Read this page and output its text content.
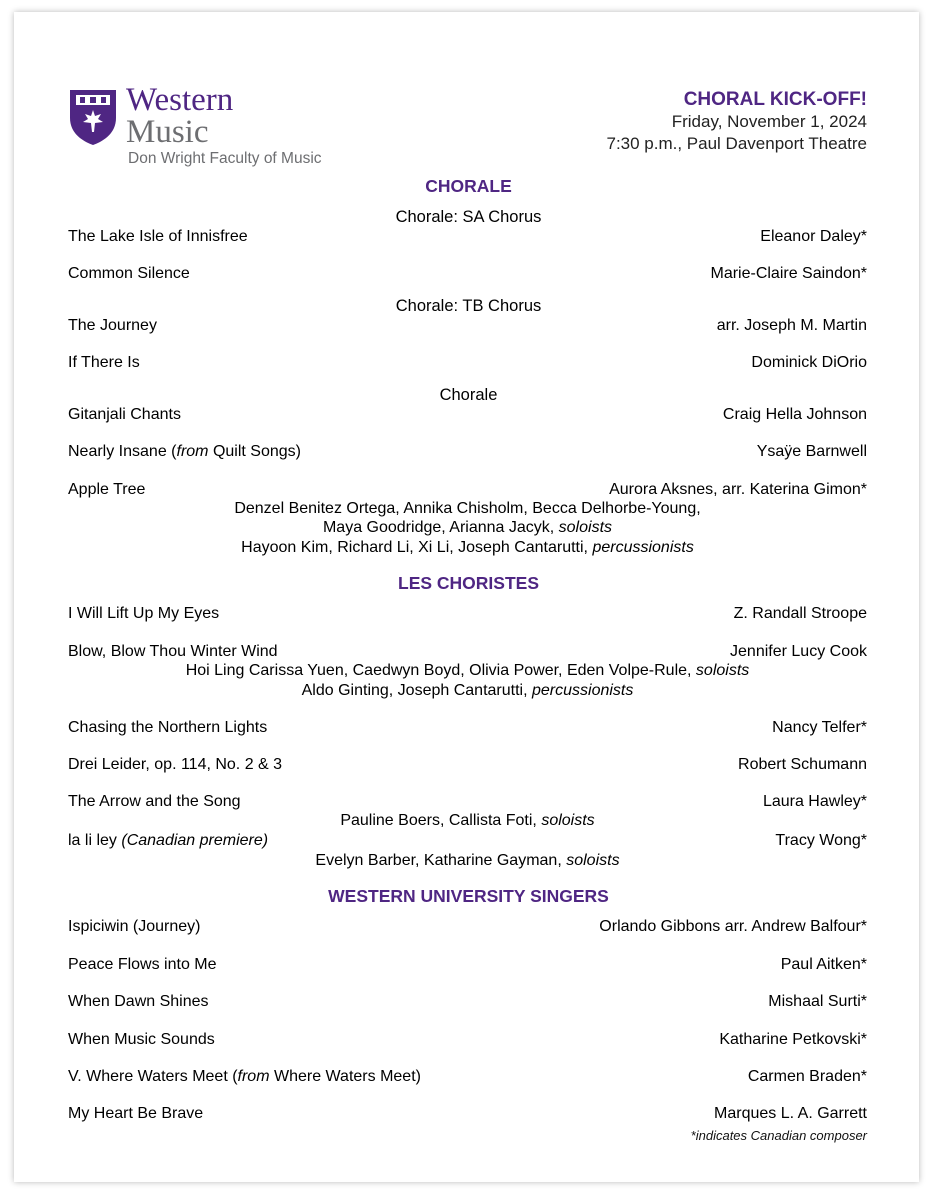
Western
Music
Don Wright Faculty of Music
CHORAL KICK-OFF!
Friday, November 1, 2024
7:30 p.m., Paul Davenport Theatre
CHORALE
Chorale: SA Chorus
The Lake Isle of Innisfree	Eleanor Daley*
Common Silence	Marie-Claire Saindon*
Chorale: TB Chorus
The Journey	arr. Joseph M. Martin
If There Is	Dominick DiOrio
Chorale
Gitanjali Chants	Craig Hella Johnson
Nearly Insane (from Quilt Songs)	Ysaÿe Barnwell
Apple Tree	Aurora Aksnes, arr. Katerina Gimon*
Denzel Benitez Ortega, Annika Chisholm, Becca Delhorbe-Young,
Maya Goodridge, Arianna Jacyk, soloists
Hayoon Kim, Richard Li, Xi Li, Joseph Cantarutti, percussionists
LES CHORISTES
I Will Lift Up My Eyes	Z. Randall Stroope
Blow, Blow Thou Winter Wind	Jennifer Lucy Cook
Hoi Ling Carissa Yuen, Caedwyn Boyd, Olivia Power, Eden Volpe-Rule, soloists
Aldo Ginting, Joseph Cantarutti, percussionists
Chasing the Northern Lights	Nancy Telfer*
Drei Leider, op. 114, No. 2 & 3	Robert Schumann
The Arrow and the Song	Laura Hawley*
Pauline Boers, Callista Foti, soloists
la li ley (Canadian premiere)	Tracy Wong*
Evelyn Barber, Katharine Gayman, soloists
WESTERN UNIVERSITY SINGERS
Ispiciwin (Journey)	Orlando Gibbons arr. Andrew Balfour*
Peace Flows into Me	Paul Aitken*
When Dawn Shines	Mishaal Surti*
When Music Sounds	Katharine Petkovski*
V. Where Waters Meet (from Where Waters Meet)	Carmen Braden*
My Heart Be Brave	Marques L. A. Garrett
*indicates Canadian composer
